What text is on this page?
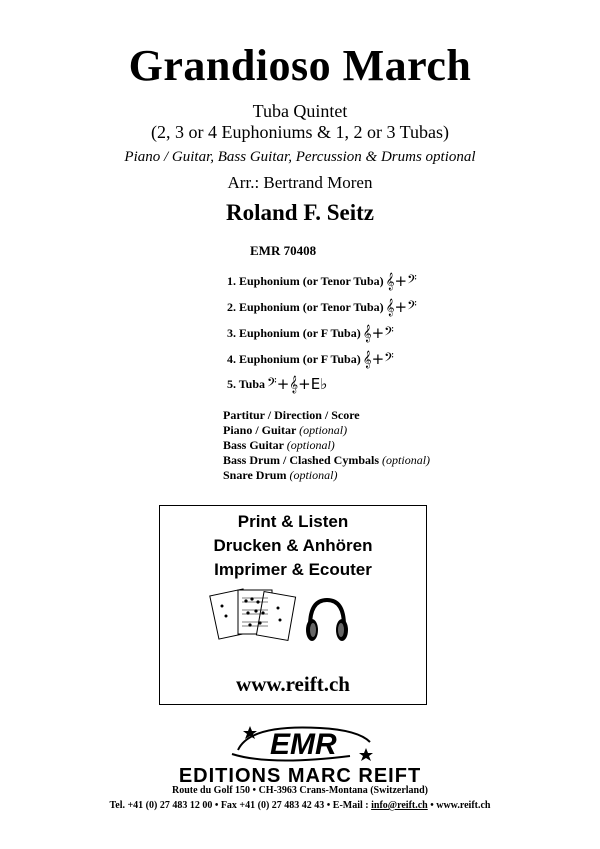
Grandioso March
Tuba Quintet
(2, 3 or 4 Euphoniums & 1, 2 or 3 Tubas)
Piano / Guitar, Bass Guitar, Percussion & Drums optional
Arr.: Bertrand Moren
Roland F. Seitz
EMR 70408
1. Euphonium (or Tenor Tuba) 𝄞+𝄢
2. Euphonium (or Tenor Tuba) 𝄞+𝄢
3. Euphonium (or F Tuba) 𝄞+𝄢
4. Euphonium (or F Tuba) 𝄞+𝄢
5. Tuba 𝄢+𝄞+E♭
Partitur / Direction / Score
Piano / Guitar (optional)
Bass Guitar (optional)
Bass Drum / Clashed Cymbals (optional)
Snare Drum (optional)
Print & Listen
Drucken & Anhören
Imprimer & Ecouter
www.reift.ch
EMR
EDITIONS MARC REIFT
Route du Golf 150 • CH-3963 Crans-Montana (Switzerland)
Tel. +41 (0) 27 483 12 00 • Fax +41 (0) 27 483 42 43 • E-Mail : info@reift.ch • www.reift.ch
